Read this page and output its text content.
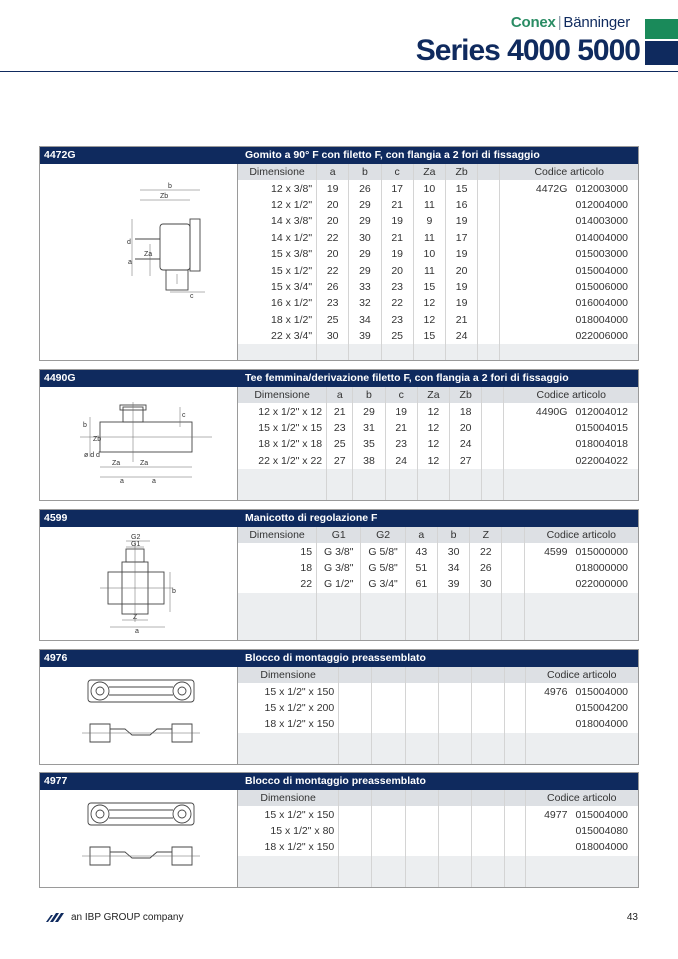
Conex | Bänninger
Series 4000 5000
4472G	Gomito a 90° F con filetto F, con flangia a 2 fori di fissaggio
b
Zb
d
a
Za
c
Dimensione	a	b	c	Za	Zb		Codice articolo
12 x 3/8"	19	26	17	10	15		4472G 012003000
12 x 1/2"	20	29	21	11	16		012004000
14 x 3/8"	20	29	19	9	19		014003000
14 x 1/2"	22	30	21	11	17		014004000
15 x 3/8"	20	29	19	10	19		015003000
15 x 1/2"	22	29	20	11	20		015004000
15 x 3/4"	26	33	23	15	19		015006000
16 x 1/2"	23	32	22	12	19		016004000
18 x 1/2"	25	34	23	12	21		018004000
22 x 3/4"	30	39	25	15	24		022006000

4490G	Tee femmina/derivazione filetto F, con flangia a 2 fori di fissaggio
c
b
Zb
ø d d
Za	Za
a	a
Dimensione	a	b	c	Za	Zb		Codice articolo
12 x 1/2" x 12	21	29	19	12	18		4490G 012004012
15 x 1/2" x 15	23	31	21	12	20		015004015
18 x 1/2" x 18	25	35	23	12	24		018004018
22 x 1/2" x 22	27	38	24	12	27		022004022

4599	Manicotto di regolazione F
G2
G1
b
Z
a
Dimensione	G1	G2	a	b	Z		Codice articolo
15	G 3/8"	G 5/8"	43	30	22		4599 015000000
18	G 3/8"	G 5/8"	51	34	26		018000000
22	G 1/2"	G 3/4"	61	39	30		022000000

4976	Blocco di montaggio preassemblato
Dimensione							Codice articolo
15 x 1/2" x 150							4976 015004000
15 x 1/2" x 200							015004200
18 x 1/2" x 150							018004000

4977	Blocco di montaggio preassemblato
Dimensione							Codice articolo
15 x 1/2" x 150							4977 015004000
15 x 1/2" x 80							015004080
18 x 1/2" x 150							018004000

an IBP GROUP company	43
